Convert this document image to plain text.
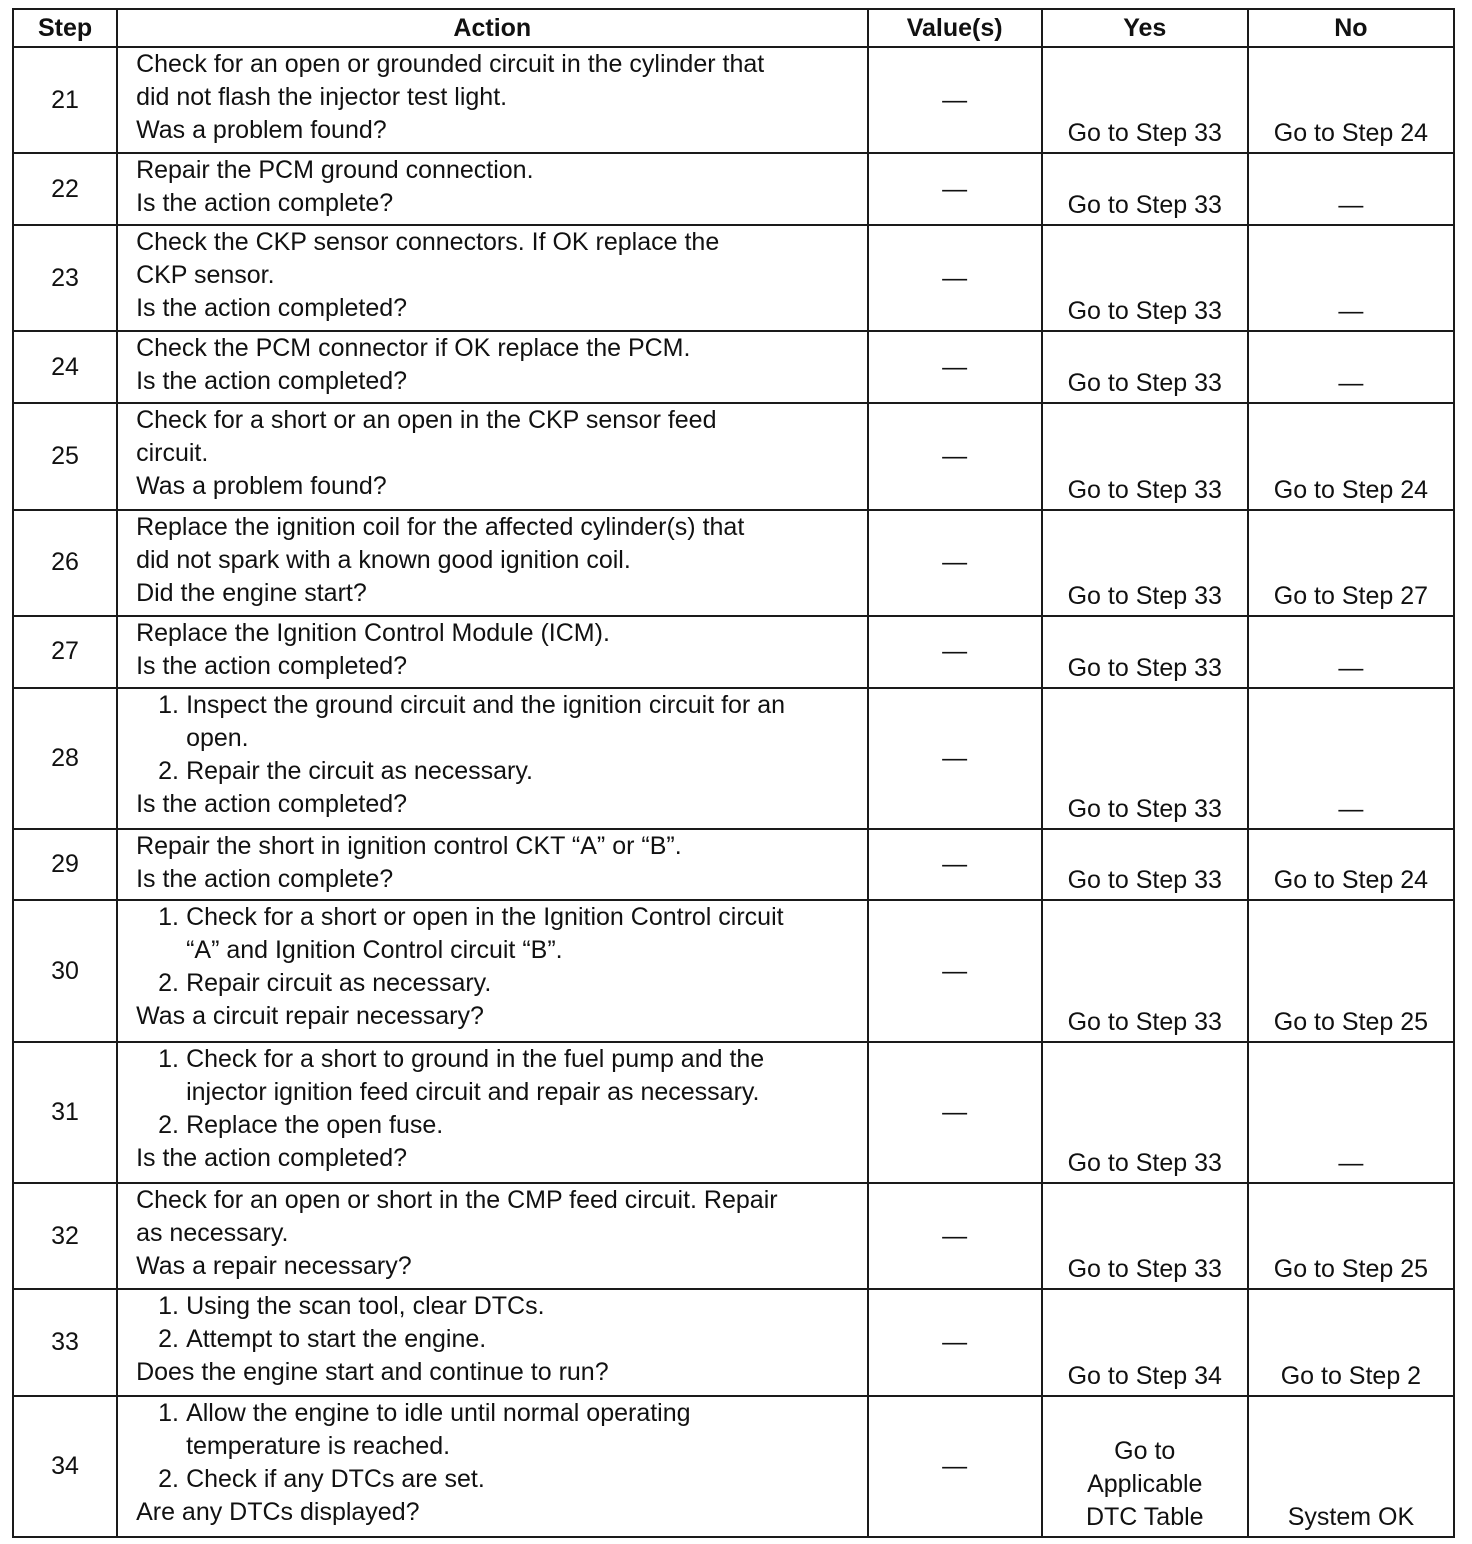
Step	Action	Value(s)	Yes	No
21	Check for an open or grounded circuit in the cylinder that
did not flash the injector test light.
Was a problem found?	—	Go to Step 33	Go to Step 24
22	Repair the PCM ground connection.
Is the action complete?	—	Go to Step 33	—
23	Check the CKP sensor connectors. If OK replace the
CKP sensor.
Is the action completed?	—	Go to Step 33	—
24	Check the PCM connector if OK replace the PCM.
Is the action completed?	—	Go to Step 33	—
25	Check for a short or an open in the CKP sensor feed
circuit.
Was a problem found?	—	Go to Step 33	Go to Step 24
26	Replace the ignition coil for the affected cylinder(s) that
did not spark with a known good ignition coil.
Did the engine start?	—	Go to Step 33	Go to Step 27
27	Replace the Ignition Control Module (ICM).
Is the action completed?	—	Go to Step 33	—
28	1. Inspect the ground circuit and the ignition circuit for an
open.
2. Repair the circuit as necessary.
Is the action completed?	—	Go to Step 33	—
29	Repair the short in ignition control CKT “A” or “B”.
Is the action complete?	—	Go to Step 33	Go to Step 24
30	1. Check for a short or open in the Ignition Control circuit
“A” and Ignition Control circuit “B”.
2. Repair circuit as necessary.
Was a circuit repair necessary?	—	Go to Step 33	Go to Step 25
31	1. Check for a short to ground in the fuel pump and the
injector ignition feed circuit and repair as necessary.
2. Replace the open fuse.
Is the action completed?	—	Go to Step 33	—
32	Check for an open or short in the CMP feed circuit. Repair
as necessary.
Was a repair necessary?	—	Go to Step 33	Go to Step 25
33	1. Using the scan tool, clear DTCs.
2. Attempt to start the engine.
Does the engine start and continue to run?	—	Go to Step 34	Go to Step 2
34	1. Allow the engine to idle until normal operating
temperature is reached.
2. Check if any DTCs are set.
Are any DTCs displayed?	—	Go to
Applicable
DTC Table	System OK
